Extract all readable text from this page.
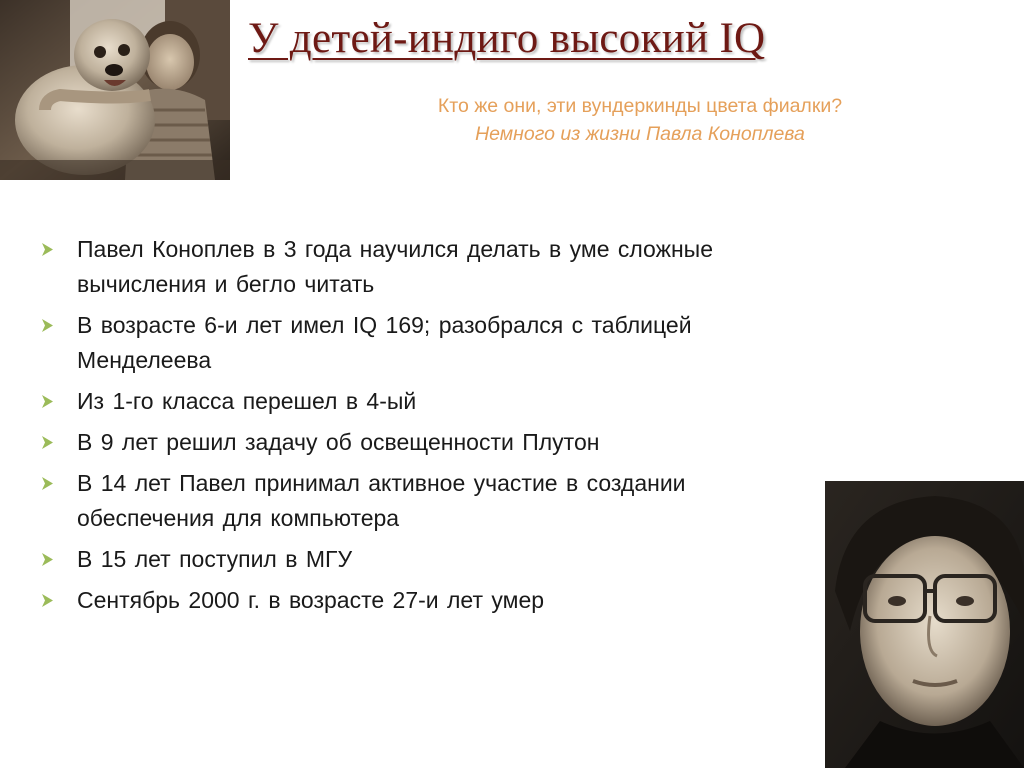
У детей-индиго высокий IQ
Кто же они, эти вундеркинды цвета фиалки?
Немного из жизни Павла Коноплева
Павел Коноплев в 3 года научился делать в уме сложные вычисления и бегло читать
В возрасте 6-и лет имел IQ 169; разобрался с таблицей Менделеева
Из 1-го класса перешел в 4-ый
В 9 лет решил задачу об освещенности Плутон
В 14 лет Павел принимал активное участие в создании обеспечения для компьютера
В 15 лет поступил в МГУ
Сентябрь 2000 г. в возрасте 27-и лет умер
